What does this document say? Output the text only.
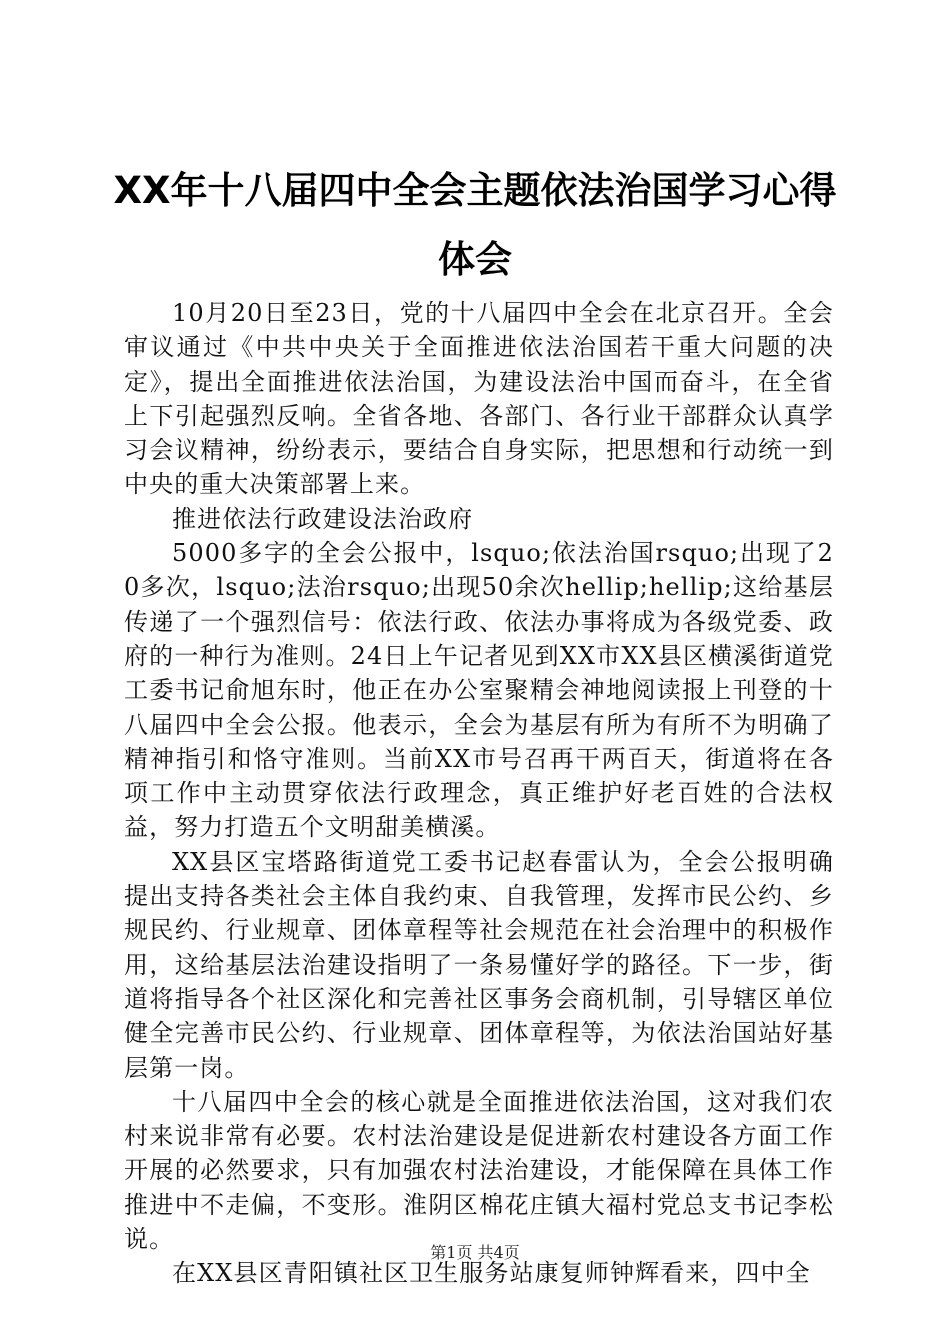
XX年十八届四中全会主题依法治国学习心得
体会

10月20日至23日，党的十八届四中全会在北京召开。全会审议通过《中共中央关于全面推进依法治国若干重大问题的决定》，提出全面推进依法治国，为建设法治中国而奋斗，在全省上下引起强烈反响。全省各地、各部门、各行业干部群众认真学习会议精神，纷纷表示，要结合自身实际，把思想和行动统一到中央的重大决策部署上来。

推进依法行政建设法治政府

5000多字的全会公报中，lsquo;依法治国rsquo;出现了20多次，lsquo;法治rsquo;出现50余次hellip;hellip;这给基层传递了一个强烈信号：依法行政、依法办事将成为各级党委、政府的一种行为准则。24日上午记者见到XX市XX县区横溪街道党工委书记俞旭东时，他正在办公室聚精会神地阅读报上刊登的十八届四中全会公报。他表示，全会为基层有所为有所不为明确了精神指引和恪守准则。当前XX市号召再干两百天，街道将在各项工作中主动贯穿依法行政理念，真正维护好老百姓的合法权益，努力打造五个文明甜美横溪。

XX县区宝塔路街道党工委书记赵春雷认为，全会公报明确提出支持各类社会主体自我约束、自我管理，发挥市民公约、乡规民约、行业规章、团体章程等社会规范在社会治理中的积极作用，这给基层法治建设指明了一条易懂好学的路径。下一步，街道将指导各个社区深化和完善社区事务会商机制，引导辖区单位健全完善市民公约、行业规章、团体章程等，为依法治国站好基层第一岗。

十八届四中全会的核心就是全面推进依法治国，这对我们农村来说非常有必要。农村法治建设是促进新农村建设各方面工作开展的必然要求，只有加强农村法治建设，才能保障在具体工作推进中不走偏，不变形。淮阴区棉花庄镇大福村党总支书记李松说。

在XX县区青阳镇社区卫生服务站康复师钟辉看来，四中全

第1页 共4页
